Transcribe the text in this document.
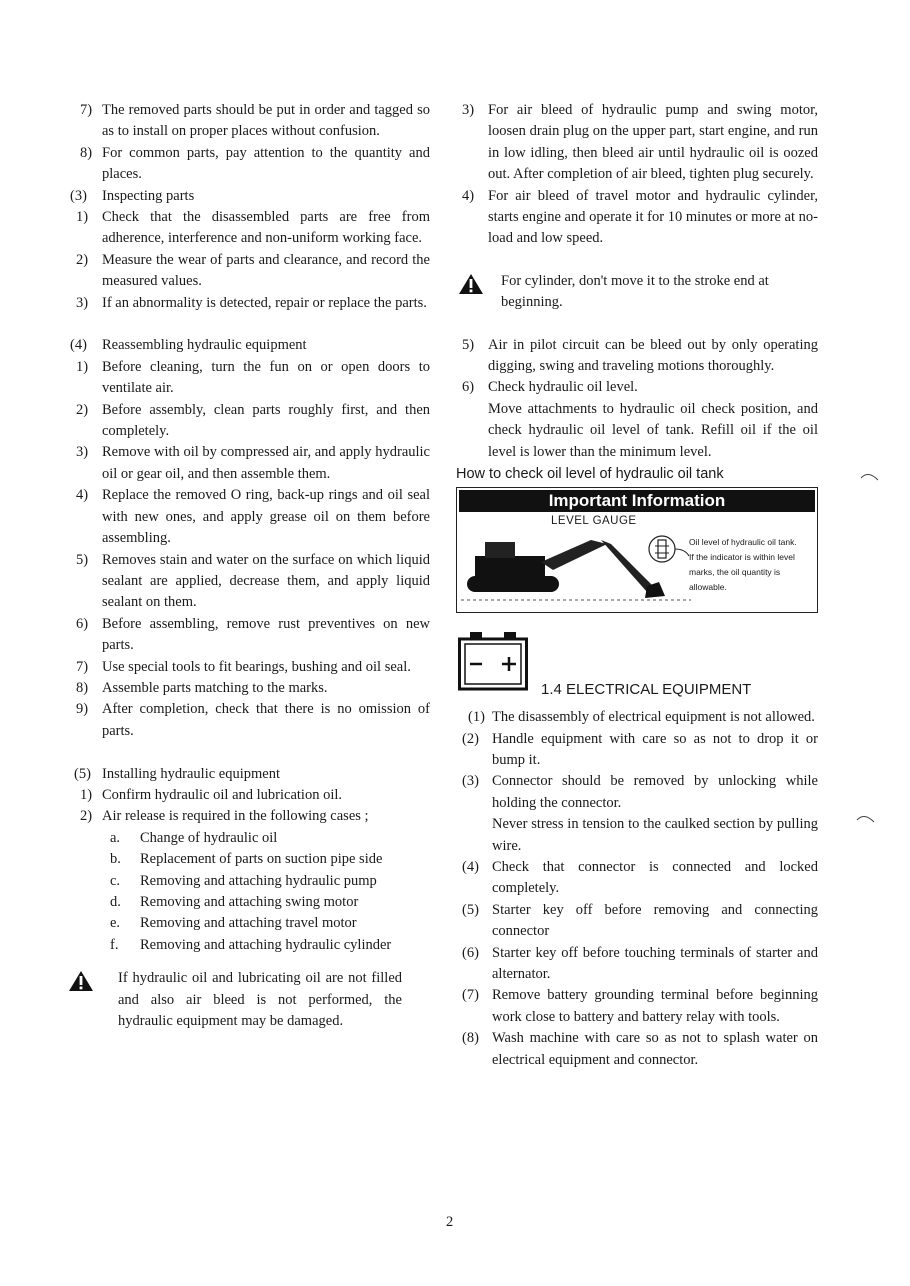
7) The removed parts should be put in order and tagged so as to install on proper places without confusion.
8) For common parts, pay attention to the quantity and places.
(3) Inspecting parts
1) Check that the disassembled parts are free from adherence, interference and non-uniform working face.
2) Measure the wear of parts and clearance, and record the measured values.
3) If an abnormality is detected, repair or replace the parts.
(4) Reassembling hydraulic equipment
1) Before cleaning, turn the fun on or open doors to ventilate air.
2) Before assembly, clean parts roughly first, and then completely.
3) Remove with oil by compressed air, and apply hydraulic oil or gear oil, and then assemble them.
4) Replace the removed O ring, back-up rings and oil seal with new ones, and apply grease oil on them before assembling.
5) Removes stain and water on the surface on which liquid sealant are applied, decrease them, and apply liquid sealant on them.
6) Before assembling, remove rust preventives on new parts.
7) Use special tools to fit bearings, bushing and oil seal.
8) Assemble parts matching to the marks.
9) After completion, check that there is no omission of parts.
(5) Installing hydraulic equipment
1) Confirm hydraulic oil and lubrication oil.
2) Air release is required in the following cases ;
a. Change of hydraulic oil
b. Replacement of parts on suction pipe side
c. Removing and attaching hydraulic pump
d. Removing and attaching swing motor
e. Removing and attaching travel motor
f. Removing and attaching hydraulic cylinder
If hydraulic oil and lubricating oil are not filled and also air bleed is not performed, the hydraulic equipment may be damaged.
3) For air bleed of hydraulic pump and swing motor, loosen drain plug on the upper part, start engine, and run in low idling, then bleed air until hydraulic oil is oozed out. After completion of air bleed, tighten plug securely.
4) For air bleed of travel motor and hydraulic cylinder, starts engine and operate it for 10 minutes or more at no-load and low speed.
For cylinder, don't move it to the stroke end at beginning.
5) Air in pilot circuit can be bleed out by only operating digging, swing and traveling motions thoroughly.
6) Check hydraulic oil level.
Move attachments to hydraulic oil check position, and check hydraulic oil level of tank. Refill oil if the oil level is lower than the minimum level.
How to check oil level of hydraulic oil tank
Important Information
LEVEL GAUGE
Oil level of hydraulic oil tank.
If the indicator is within level
marks, the oil quantity is
allowable.
1.4 ELECTRICAL EQUIPMENT
(1) The disassembly of electrical equipment is not allowed.
(2) Handle equipment with care so as not to drop it or bump it.
(3) Connector should be removed by unlocking while holding the connector.
Never stress in tension to the caulked section by pulling wire.
(4) Check that connector is connected and locked completely.
(5) Starter key off before removing and connecting connector
(6) Starter key off before touching terminals of starter and alternator.
(7) Remove battery grounding terminal before beginning work close to battery and battery relay with tools.
(8) Wash machine with care so as not to splash water on electrical equipment and connector.
2
